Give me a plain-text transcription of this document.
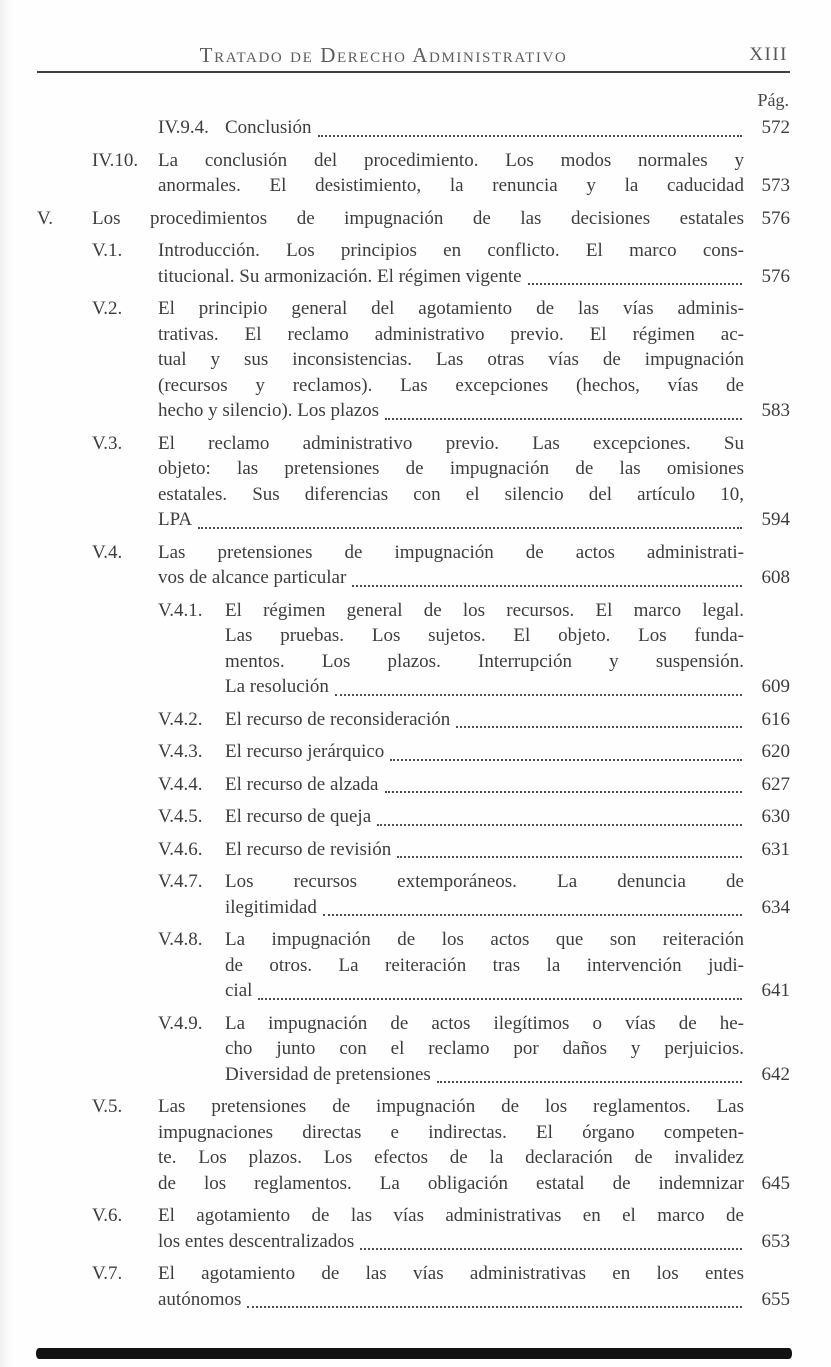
Tratado de Derecho Administrativo	XIII
Pág.
IV.9.4. Conclusión	572
IV.10. La conclusión del procedimiento. Los modos normales y
anormales. El desistimiento, la renuncia y la caducidad 573
V. Los procedimientos de impugnación de las decisiones estatales 576
V.1. Introducción. Los principios en conflicto. El marco cons-
titucional. Su armonización. El régimen vigente	576
V.2. El principio general del agotamiento de las vías adminis-
trativas. El reclamo administrativo previo. El régimen ac-
tual y sus inconsistencias. Las otras vías de impugnación
(recursos y reclamos). Las excepciones (hechos, vías de
hecho y silencio). Los plazos	583
V.3. El reclamo administrativo previo. Las excepciones. Su
objeto: las pretensiones de impugnación de las omisiones
estatales. Sus diferencias con el silencio del artículo 10,
LPA	594
V.4. Las pretensiones de impugnación de actos administrati-
vos de alcance particular	608
V.4.1. El régimen general de los recursos. El marco legal.
Las pruebas. Los sujetos. El objeto. Los funda-
mentos. Los plazos. Interrupción y suspensión.
La resolución	609
V.4.2. El recurso de reconsideración	616
V.4.3. El recurso jerárquico	620
V.4.4. El recurso de alzada	627
V.4.5. El recurso de queja	630
V.4.6. El recurso de revisión	631
V.4.7. Los recursos extemporáneos. La denuncia de
ilegitimidad	634
V.4.8. La impugnación de los actos que son reiteración
de otros. La reiteración tras la intervención judi-
cial	641
V.4.9. La impugnación de actos ilegítimos o vías de he-
cho junto con el reclamo por daños y perjuicios.
Diversidad de pretensiones	642
V.5. Las pretensiones de impugnación de los reglamentos. Las
impugnaciones directas e indirectas. El órgano competen-
te. Los plazos. Los efectos de la declaración de invalidez
de los reglamentos. La obligación estatal de indemnizar 645
V.6. El agotamiento de las vías administrativas en el marco de
los entes descentralizados	653
V.7. El agotamiento de las vías administrativas en los entes
autónomos	655
